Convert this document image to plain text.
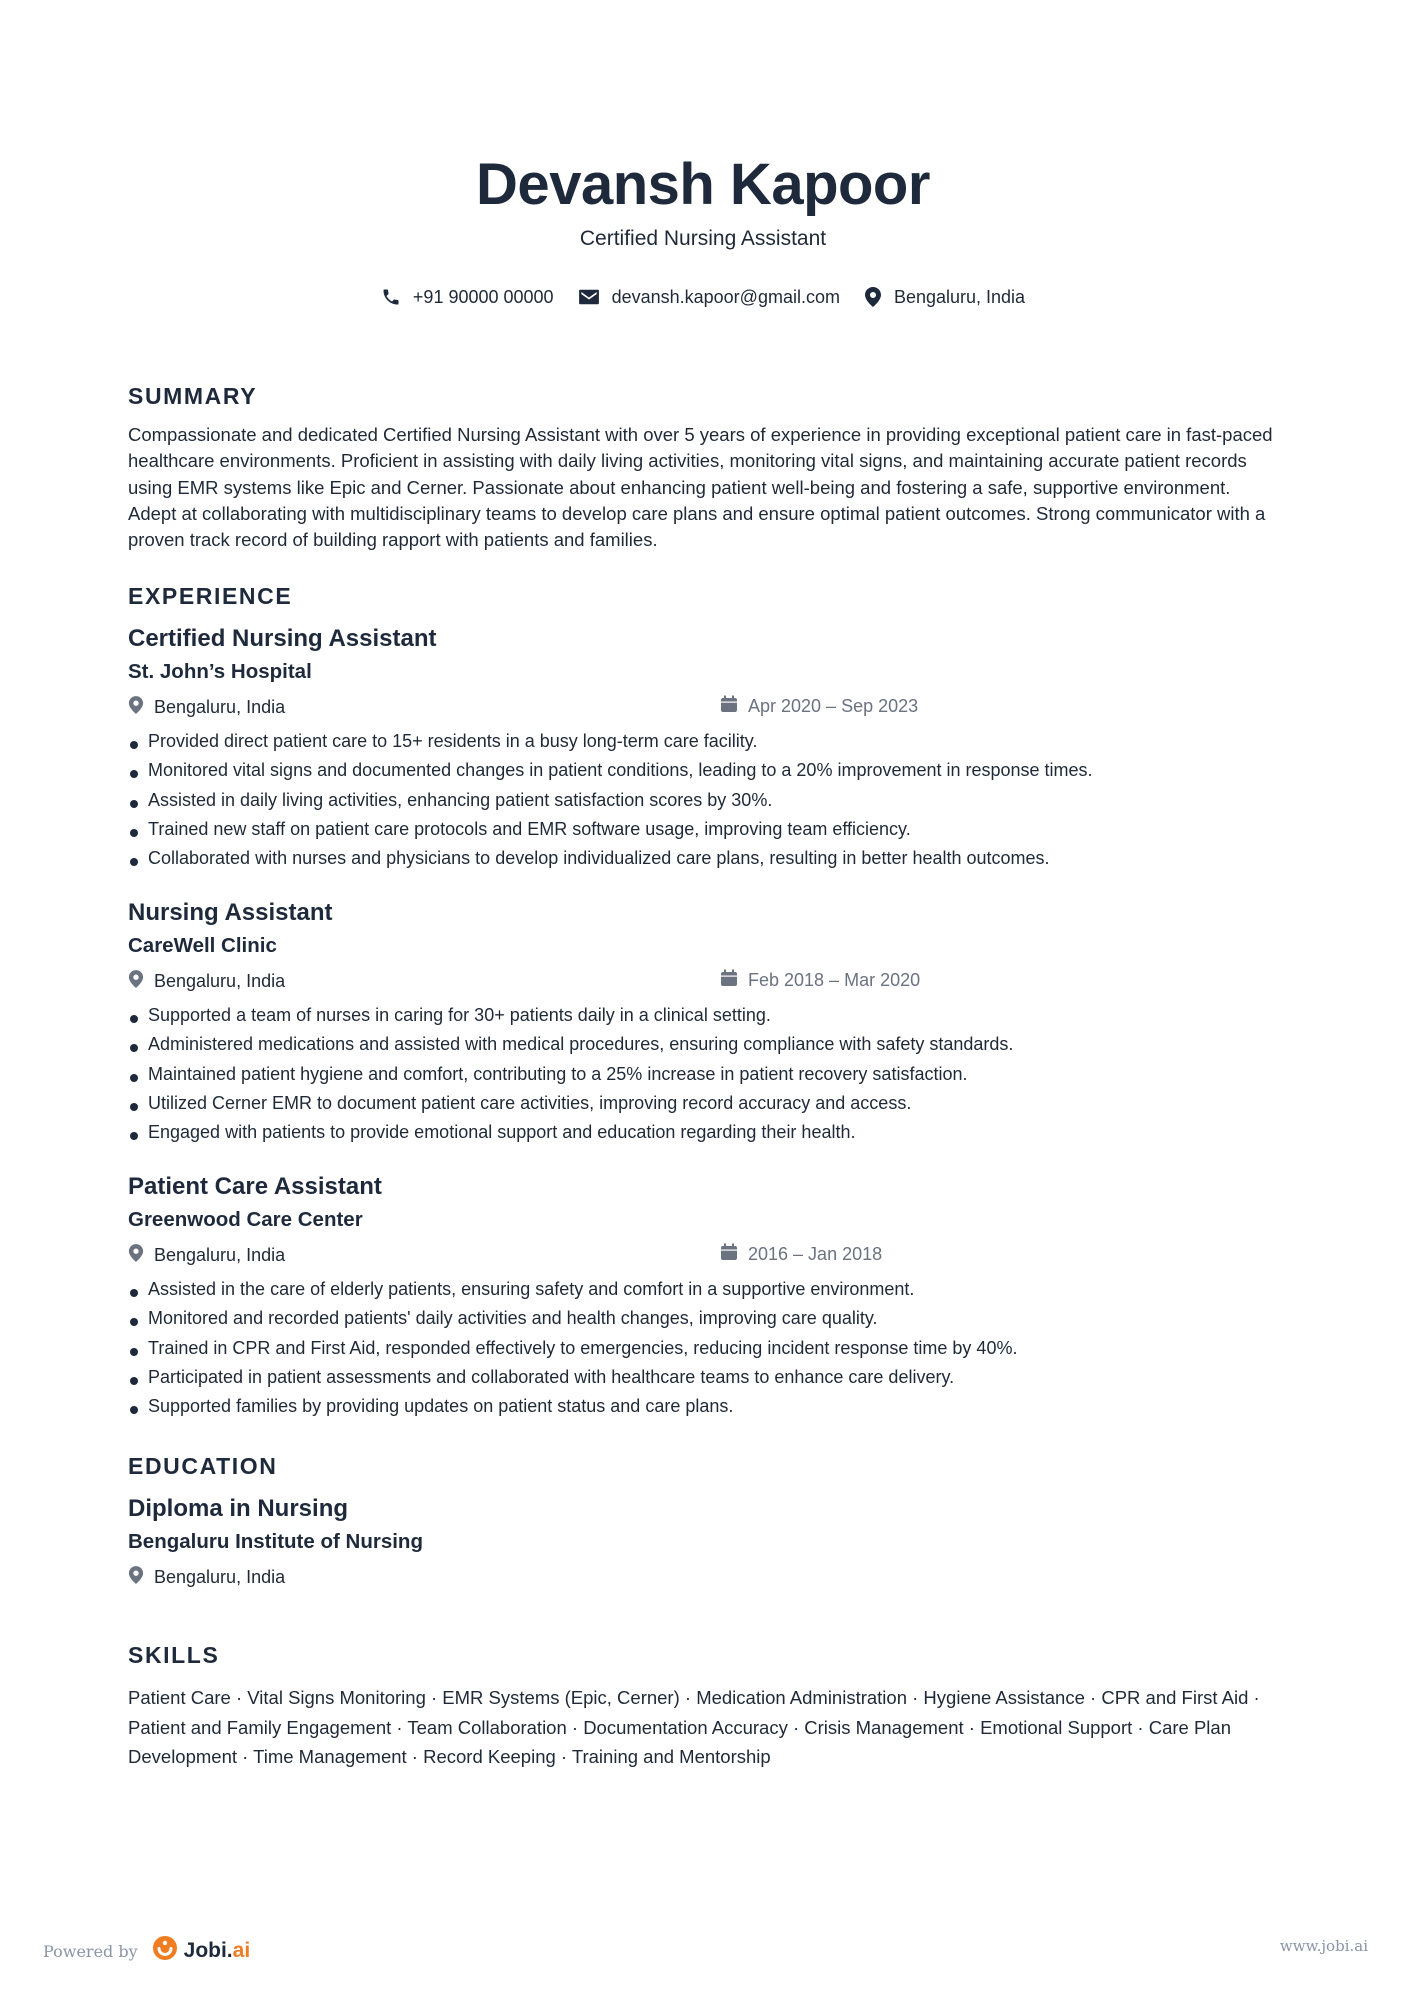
Devansh Kapoor
Certified Nursing Assistant
+91 90000 00000	devansh.kapoor@gmail.com	Bengaluru, India
SUMMARY

Compassionate and dedicated Certified Nursing Assistant with over 5 years of experience in providing exceptional patient care in fast-paced healthcare environments. Proficient in assisting with daily living activities, monitoring vital signs, and maintaining accurate patient records using EMR systems like Epic and Cerner. Passionate about enhancing patient well-being and fostering a safe, supportive environment. Adept at collaborating with multidisciplinary teams to develop care plans and ensure optimal patient outcomes. Strong communicator with a proven track record of building rapport with patients and families.

EXPERIENCE
Certified Nursing Assistant
St. John’s Hospital
Bengaluru, India	Apr 2020 – Sep 2023
Provided direct patient care to 15+ residents in a busy long-term care facility.
Monitored vital signs and documented changes in patient conditions, leading to a 20% improvement in response times.
Assisted in daily living activities, enhancing patient satisfaction scores by 30%.
Trained new staff on patient care protocols and EMR software usage, improving team efficiency.
Collaborated with nurses and physicians to develop individualized care plans, resulting in better health outcomes.
Nursing Assistant
CareWell Clinic
Bengaluru, India	Feb 2018 – Mar 2020
Supported a team of nurses in caring for 30+ patients daily in a clinical setting.
Administered medications and assisted with medical procedures, ensuring compliance with safety standards.
Maintained patient hygiene and comfort, contributing to a 25% increase in patient recovery satisfaction.
Utilized Cerner EMR to document patient care activities, improving record accuracy and access.
Engaged with patients to provide emotional support and education regarding their health.
Patient Care Assistant
Greenwood Care Center
Bengaluru, India	2016 – Jan 2018
Assisted in the care of elderly patients, ensuring safety and comfort in a supportive environment.
Monitored and recorded patients' daily activities and health changes, improving care quality.
Trained in CPR and First Aid, responded effectively to emergencies, reducing incident response time by 40%.
Participated in patient assessments and collaborated with healthcare teams to enhance care delivery.
Supported families by providing updates on patient status and care plans.
EDUCATION
Diploma in Nursing
Bengaluru Institute of Nursing
Bengaluru, India
SKILLS

Patient Care · Vital Signs Monitoring · EMR Systems (Epic, Cerner) · Medication Administration · Hygiene Assistance · CPR and First Aid · Patient and Family Engagement · Team Collaboration · Documentation Accuracy · Crisis Management · Emotional Support · Care Plan Development · Time Management · Record Keeping · Training and Mentorship

Powered by Jobi.ai	www.jobi.ai
